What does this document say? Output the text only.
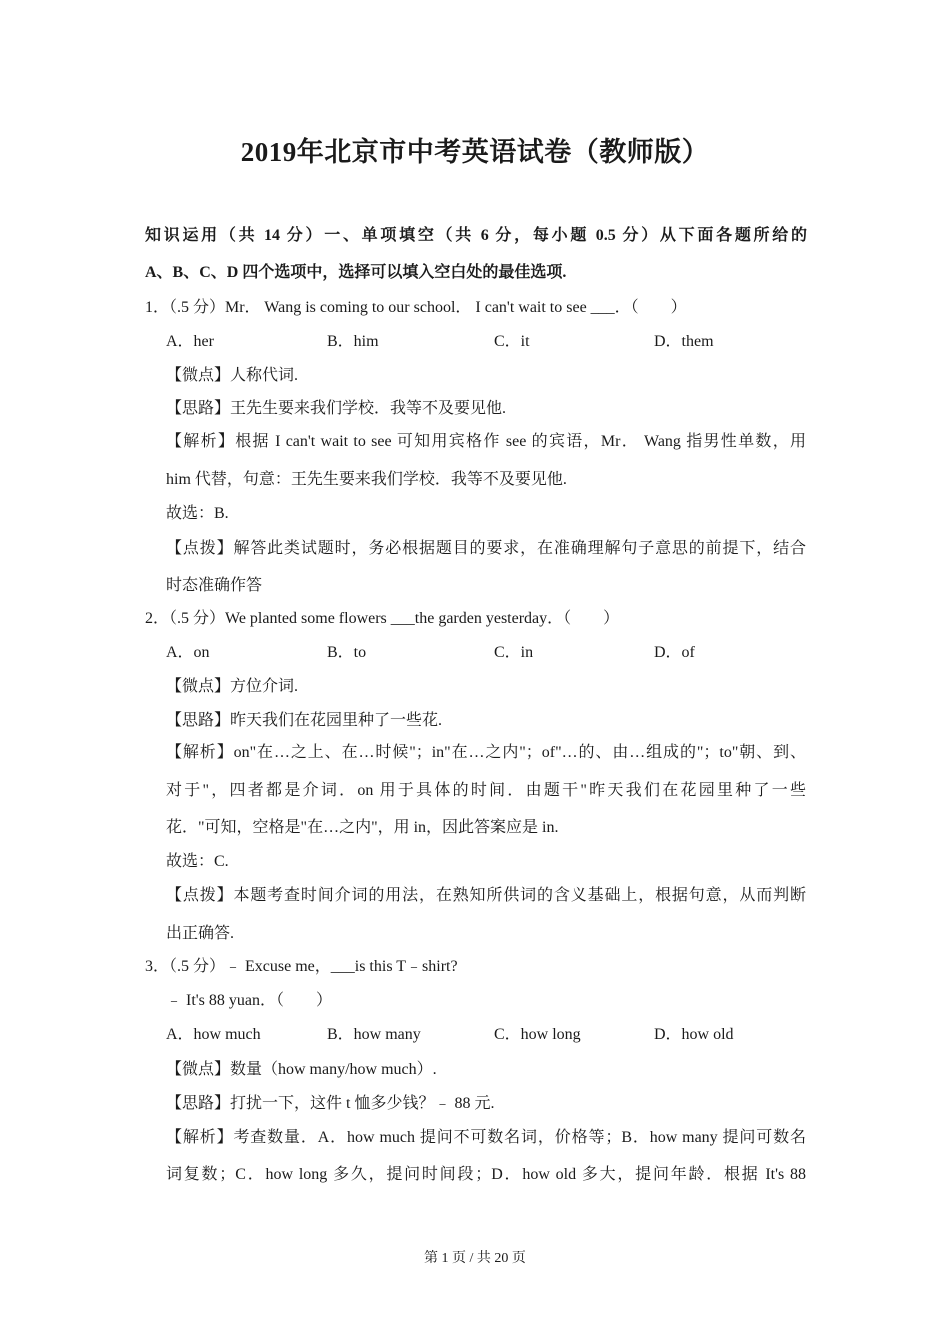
2019年北京市中考英语试卷（教师版）
知识运用（共 14 分）一、单项填空（共 6 分，每小题 0.5 分）从下面各题所给的
A、B、C、D 四个选项中，选择可以填入空白处的最佳选项.
1．（.5 分）Mr． Wang is coming to our school． I can't wait to see ___．（　　）
A．her	B．him	C．it	D．them
【微点】人称代词.
【思路】王先生要来我们学校．我等不及要见他.
【解析】根据 I can't wait to see 可知用宾格作 see 的宾语，Mr． Wang 指男性单数，用
him 代替，句意：王先生要来我们学校．我等不及要见他.
故选：B.
【点拨】解答此类试题时，务必根据题目的要求，在准确理解句子意思的前提下，结合
时态准确作答
2．（.5 分）We planted some flowers ___the garden yesterday．（　　）
A．on	B．to	C．in	D．of
【微点】方位介词.
【思路】昨天我们在花园里种了一些花.
【解析】on"在…之上、在…时候"；in"在…之内"；of"…的、由…组成的"；to"朝、到、
对于"，四者都是介词．on 用于具体的时间．由题干"昨天我们在花园里种了一些
花．"可知，空格是"在…之内"，用 in，因此答案应是 in.
故选：C.
【点拨】本题考查时间介词的用法，在熟知所供词的含义基础上，根据句意，从而判断
出正确答.
3．（.5 分）﹣ Excuse me，___is this T﹣shirt?
﹣ It's 88 yuan．（　　）
A．how much	B．how many	C．how long	D．how old
【微点】数量（how many/how much）.
【思路】打扰一下，这件 t 恤多少钱？﹣ 88 元.
【解析】考查数量．A．how much 提问不可数名词，价格等；B．how many 提问可数名
词复数；C．how long 多久，提问时间段；D．how old 多大，提问年龄．根据 It's 88
第 1 页 / 共 20 页
